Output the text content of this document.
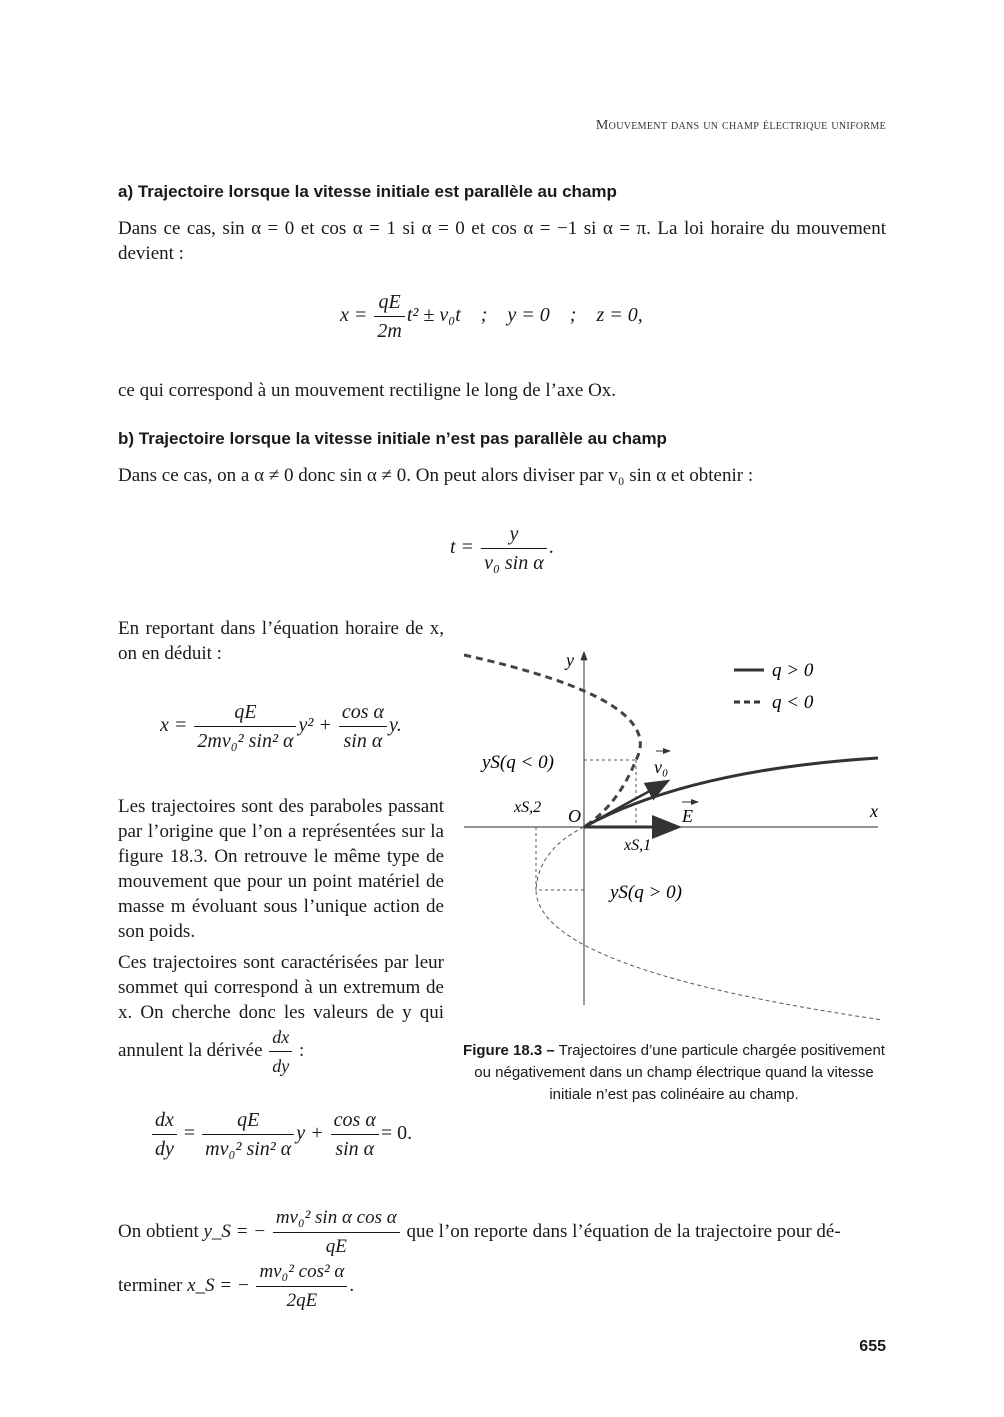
Mouvement dans un champ électrique uniforme
a) Trajectoire lorsque la vitesse initiale est parallèle au champ
Dans ce cas, sin α = 0 et cos α = 1 si α = 0 et cos α = −1 si α = π. La loi horaire du mouvement devient :
$x = \frac{qE}{2m} t^2 \pm v_0t$    ;    y = 0    ;    z = 0,
ce qui correspond à un mouvement rectiligne le long de l’axe Ox.
b) Trajectoire lorsque la vitesse initiale n’est pas parallèle au champ
Dans ce cas, on a α ≠ 0 donc sin α ≠ 0. On peut alors diviser par v₀ sin α et obtenir :
$t = \frac{y}{\text{v₀ sin α}}$ .
En reportant dans l’équation horaire de x, on en déduit :
$x = \frac{qE}{\text{2mv₀² sin² α}} y^2 + \frac{\text{cos α}}{\text{sin α}} y$.
Les trajectoires sont des paraboles passant par l’origine que l’on a représentées sur la figure 18.3. On retrouve le même type de mouvement que pour un point matériel de masse m évoluant sous l’unique action de son poids.
Ces trajectoires sont caractérisées par leur sommet qui correspond à un extremum de x. On cherche donc les valeurs de y qui annulent la dérivée $\frac{dx}{dy}$ :
$\frac{dx}{dy} = \frac{qE}{\text{mv₀² sin² α}}$ $y + \frac{\text{cos α}}{\text{sin α}} = 0$.
On obtient y_S = − $\frac{\text{mv₀² sin α cos α}}{qE}$ que l’on reporte dans l’équation de la trajectoire pour dé-
terminer x_S = − $\frac{\text{mv₀² cos² α}}{2qE}$ .
q > 0
q < 0
y
x
O
v₀
E
yS(q < 0)
yS(q > 0)
xS,1
xS,2
Figure 18.3 – Trajectoires d’une particule chargée positivement ou négativement dans un champ électrique quand la vitesse initiale n’est pas colinéaire au champ.
655
